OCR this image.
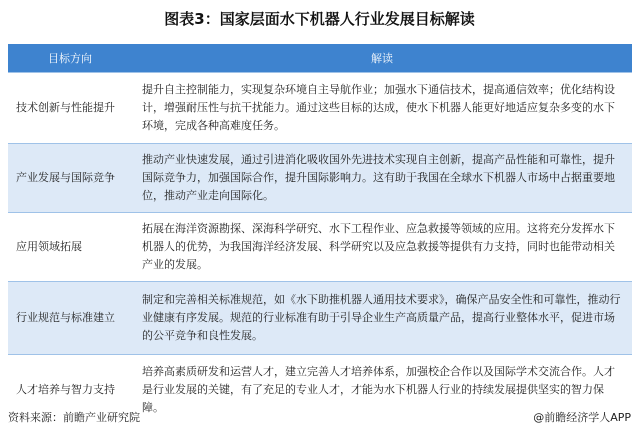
图表3：国家层面水下机器人行业发展目标解读
目标方向	解读
技术创新与性能提升	提升自主控制能力，实现复杂环境自主导航作业；加强水下通信技术，提高通信效率；优化结构设计，增强耐压性与抗干扰能力。通过这些目标的达成，使水下机器人能更好地适应复杂多变的水下环境，完成各种高难度任务。
产业发展与国际竞争	推动产业快速发展，通过引进消化吸收国外先进技术实现自主创新，提高产品性能和可靠性，提升国际竞争力，加强国际合作，提升国际影响力。这有助于我国在全球水下机器人市场中占据重要地位，推动产业走向国际化。
应用领域拓展	拓展在海洋资源勘探、深海科学研究、水下工程作业、应急救援等领域的应用。这将充分发挥水下机器人的优势，为我国海洋经济发展、科学研究以及应急救援等提供有力支持，同时也能带动相关产业的发展。
行业规范与标准建立	制定和完善相关标准规范，如《水下助推机器人通用技术要求》，确保产品安全性和可靠性，推动行业健康有序发展。规范的行业标准有助于引导企业生产高质量产品，提高行业整体水平，促进市场的公平竞争和良性发展。
人才培养与智力支持	培养高素质研发和运营人才，建立完善人才培养体系，加强校企合作以及国际学术交流合作。人才是行业发展的关键，有了充足的专业人才，才能为水下机器人行业的持续发展提供坚实的智力保障。
资料来源：前瞻产业研究院	@前瞻经济学人APP
